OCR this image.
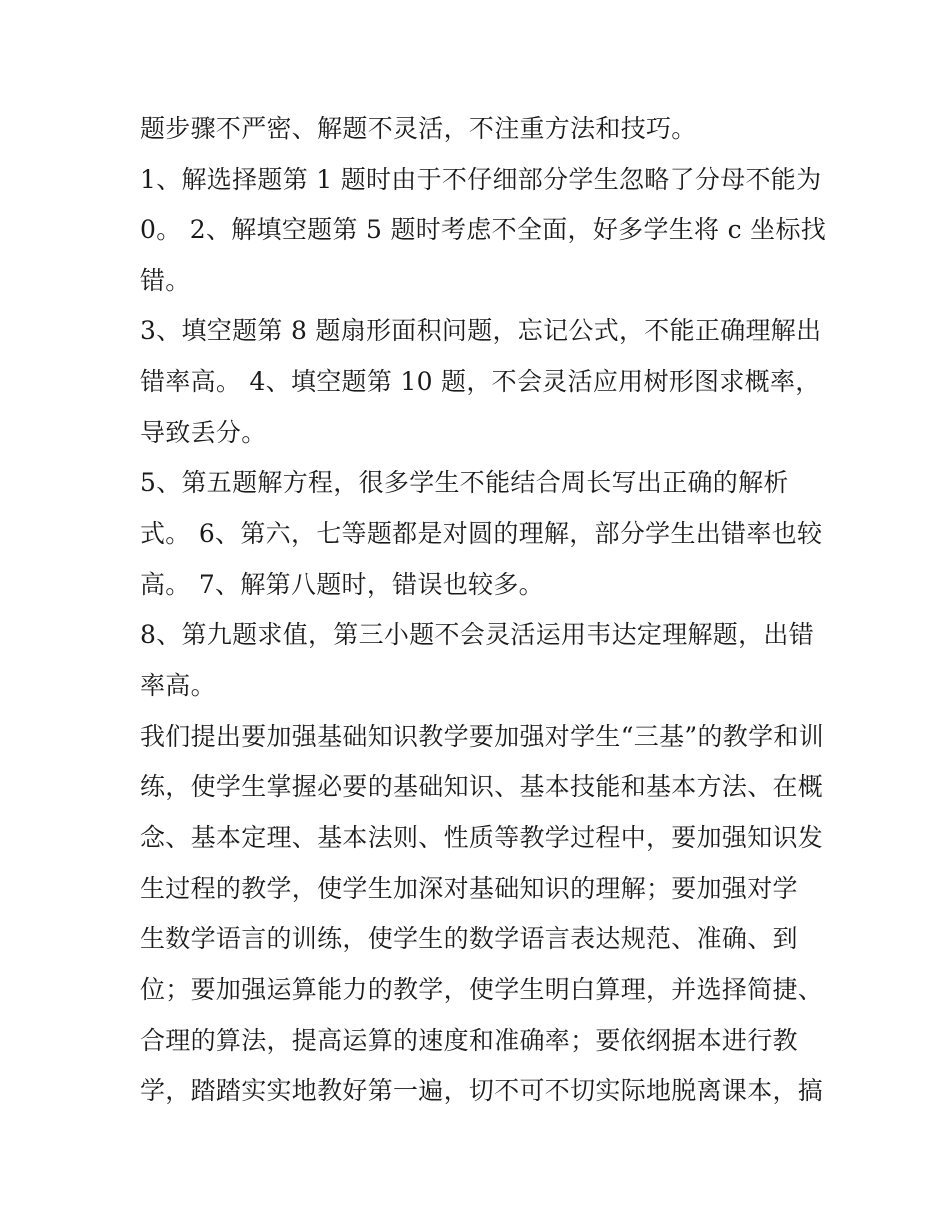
题步骤不严密、解题不灵活，不注重方法和技巧。
1、解选择题第 1 题时由于不仔细部分学生忽略了分母不能为
0。 2、解填空题第 5 题时考虑不全面，好多学生将 c 坐标找
错。
3、填空题第 8 题扇形面积问题，忘记公式，不能正确理解出
错率高。 4、填空题第 10 题，不会灵活应用树形图求概率，
导致丢分。
5、第五题解方程，很多学生不能结合周长写出正确的解析
式。 6、第六，七等题都是对圆的理解，部分学生出错率也较
高。 7、解第八题时，错误也较多。
8、第九题求值，第三小题不会灵活运用韦达定理解题，出错
率高。
我们提出要加强基础知识教学要加强对学生“三基”的教学和训
练，使学生掌握必要的基础知识、基本技能和基本方法、在概
念、基本定理、基本法则、性质等教学过程中，要加强知识发
生过程的教学，使学生加深对基础知识的理解；要加强对学
生数学语言的训练，使学生的数学语言表达规范、准确、到
位；要加强运算能力的教学，使学生明白算理，并选择简捷、
合理的算法，提高运算的速度和准确率；要依纲据本进行教
学，踏踏实实地教好第一遍，切不可不切实际地脱离课本，搞
